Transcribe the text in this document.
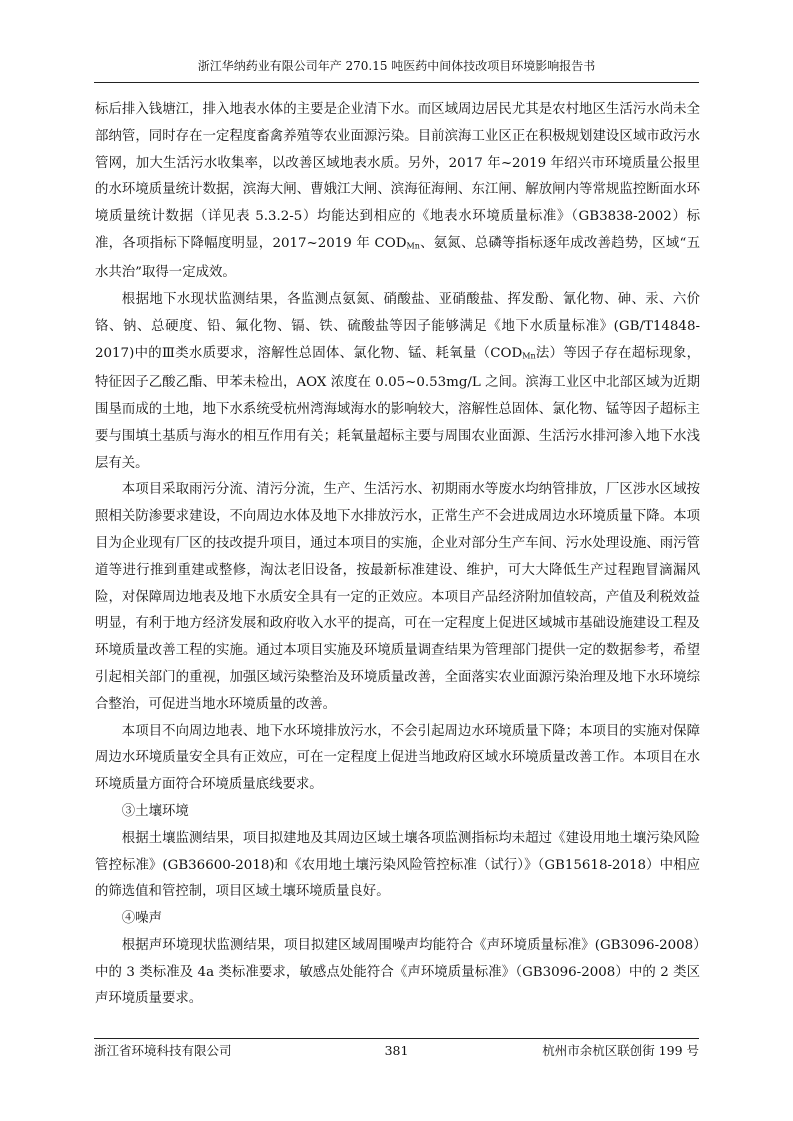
浙江华纳药业有限公司年产 270.15 吨医药中间体技改项目环境影响报告书

标后排入钱塘江，排入地表水体的主要是企业清下水。而区域周边居民尤其是农村地区生活污水尚未全部纳管，同时存在一定程度畜禽养殖等农业面源污染。目前滨海工业区正在积极规划建设区域市政污水管网，加大生活污水收集率，以改善区域地表水质。另外，2017 年~2019 年绍兴市环境质量公报里的水环境质量统计数据，滨海大闸、曹娥江大闸、滨海征海闸、东江闸、解放闸内等常规监控断面水环境质量统计数据（详见表 5.3.2-5）均能达到相应的《地表水环境质量标准》（GB3838-2002）标准，各项指标下降幅度明显，2017~2019 年 $COD_{Mn}$、氨氮、总磷等指标逐年成改善趋势，区域“五水共治”取得一定成效。

根据地下水现状监测结果，各监测点氨氮、硝酸盐、亚硝酸盐、挥发酚、氰化物、砷、汞、六价铬、钠、总硬度、铅、氟化物、镉、铁、硫酸盐等因子能够满足《地下水质量标准》(GB/T14848-2017)中的Ⅲ类水质要求，溶解性总固体、氯化物、锰、耗氧量（$COD_{Mn}$法）等因子存在超标现象，特征因子乙酸乙酯、甲苯未检出，AOX 浓度在 0.05~0.53mg/L 之间。滨海工业区中北部区域为近期围垦而成的土地，地下水系统受杭州湾海域海水的影响较大，溶解性总固体、氯化物、锰等因子超标主要与围填土基质与海水的相互作用有关；耗氧量超标主要与周围农业面源、生活污水排河渗入地下水浅层有关。

本项目采取雨污分流、清污分流，生产、生活污水、初期雨水等废水均纳管排放，厂区涉水区域按照相关防渗要求建设，不向周边水体及地下水排放污水，正常生产不会进成周边水环境质量下降。本项目为企业现有厂区的技改提升项目，通过本项目的实施，企业对部分生产车间、污水处理设施、雨污管道等进行推到重建或整修，淘汰老旧设备，按最新标准建设、维护，可大大降低生产过程跑冒滴漏风险，对保障周边地表及地下水质安全具有一定的正效应。本项目产品经济附加值较高，产值及利税效益明显，有利于地方经济发展和政府收入水平的提高，可在一定程度上促进区域城市基础设施建设工程及环境质量改善工程的实施。通过本项目实施及环境质量调查结果为管理部门提供一定的数据参考，希望引起相关部门的重视，加强区域污染整治及环境质量改善，全面落实农业面源污染治理及地下水环境综合整治，可促进当地水环境质量的改善。

本项目不向周边地表、地下水环境排放污水，不会引起周边水环境质量下降；本项目的实施对保障周边水环境质量安全具有正效应，可在一定程度上促进当地政府区域水环境质量改善工作。本项目在水环境质量方面符合环境质量底线要求。

③土壤环境

根据土壤监测结果，项目拟建地及其周边区域土壤各项监测指标均未超过《建设用地土壤污染风险管控标准》(GB36600-2018)和《农用地土壤污染风险管控标准（试行）》（GB15618-2018）中相应的筛选值和管控制，项目区域土壤环境质量良好。

④噪声

根据声环境现状监测结果，项目拟建区域周围噪声均能符合《声环境质量标准》(GB3096-2008）中的 3 类标准及 4a 类标准要求，敏感点处能符合《声环境质量标准》（GB3096-2008）中的 2 类区声环境质量要求。

浙江省环境科技有限公司	381	杭州市余杭区联创街 199 号
